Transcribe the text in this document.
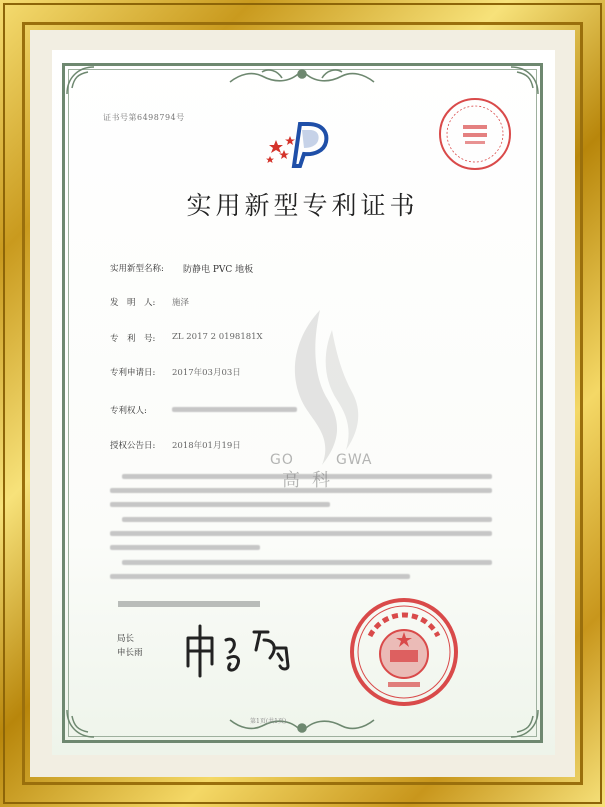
证书号第6498794号
实用新型专利证书
实用新型名称: 防静电 PVC 地板
发　明　人: 施泽
专　利　号: ZL 2017 2 0198181X
专利申请日: 2017年03月03日
专利权人:
授权公告日: 2018年01月19日
GO	GWA
高科
局长
申长雨
第1页(共1页)
